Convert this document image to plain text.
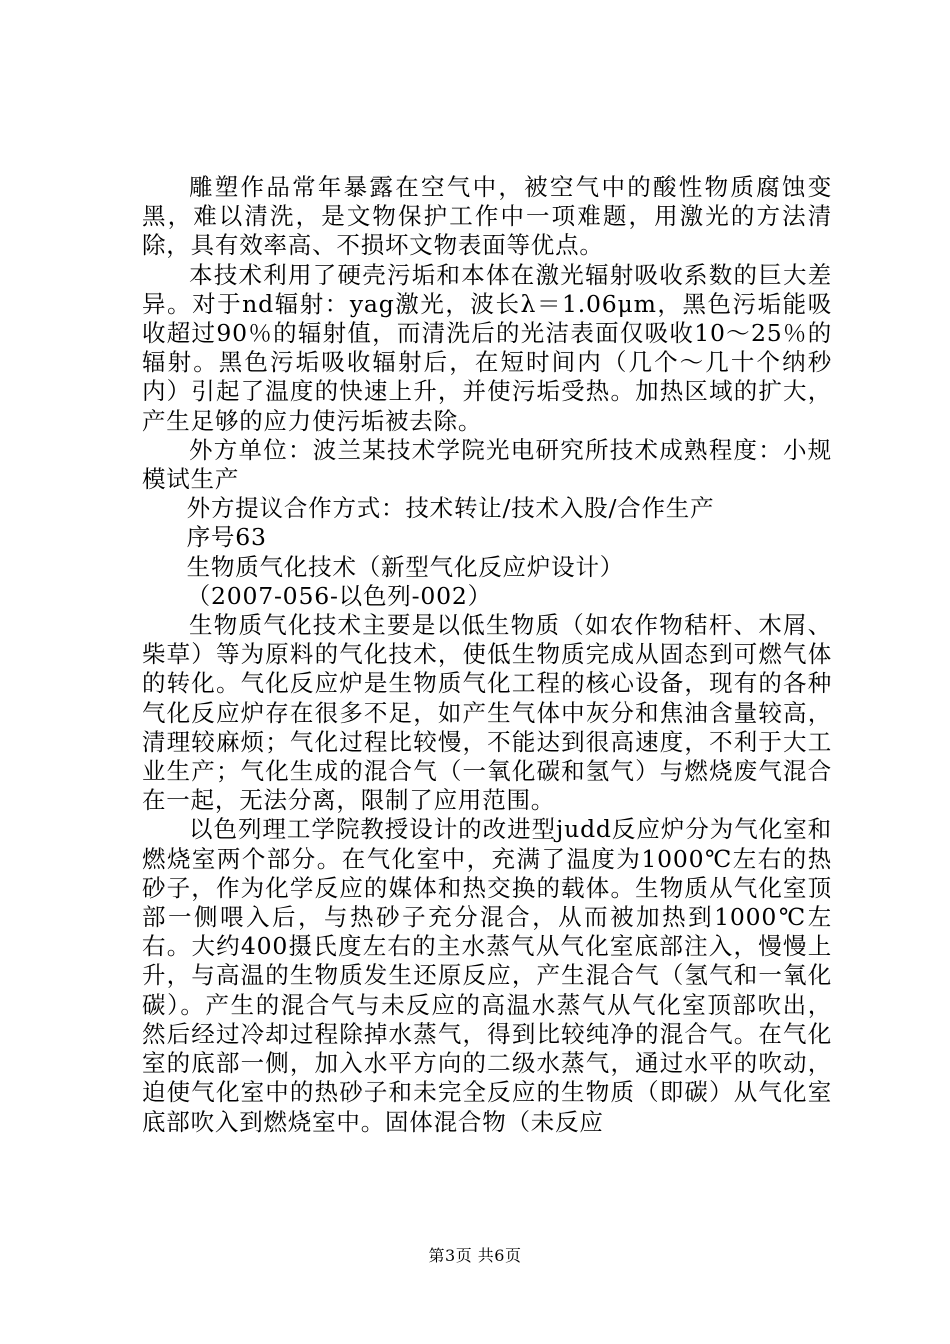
雕塑作品常年暴露在空气中，被空气中的酸性物质腐蚀变黑，难以清洗，是文物保护工作中一项难题，用激光的方法清除，具有效率高、不损坏文物表面等优点。

本技术利用了硬壳污垢和本体在激光辐射吸收系数的巨大差异。对于nd辐射：yag激光，波长λ＝1.06μm，黑色污垢能吸收超过90％的辐射值，而清洗后的光洁表面仅吸收10～25％的辐射。黑色污垢吸收辐射后，在短时间内（几个～几十个纳秒内）引起了温度的快速上升，并使污垢受热。加热区域的扩大，产生足够的应力使污垢被去除。

外方单位：波兰某技术学院光电研究所技术成熟程度：小规模试生产

外方提议合作方式：技术转让/技术入股/合作生产

序号63

生物质气化技术（新型气化反应炉设计）

（2007-056-以色列-002）

生物质气化技术主要是以低生物质（如农作物秸杆、木屑、柴草）等为原料的气化技术，使低生物质完成从固态到可燃气体的转化。气化反应炉是生物质气化工程的核心设备，现有的各种气化反应炉存在很多不足，如产生气体中灰分和焦油含量较高，清理较麻烦；气化过程比较慢，不能达到很高速度，不利于大工业生产；气化生成的混合气（一氧化碳和氢气）与燃烧废气混合在一起，无法分离，限制了应用范围。

以色列理工学院教授设计的改进型judd反应炉分为气化室和燃烧室两个部分。在气化室中，充满了温度为1000℃左右的热砂子，作为化学反应的媒体和热交换的载体。生物质从气化室顶部一侧喂入后，与热砂子充分混合，从而被加热到1000℃左右。大约400摄氏度左右的主水蒸气从气化室底部注入，慢慢上升，与高温的生物质发生还原反应，产生混合气（氢气和一氧化碳）。产生的混合气与未反应的高温水蒸气从气化室顶部吹出，然后经过冷却过程除掉水蒸气，得到比较纯净的混合气。在气化室的底部一侧，加入水平方向的二级水蒸气，通过水平的吹动，迫使气化室中的热砂子和未完全反应的生物质（即碳）从气化室底部吹入到燃烧室中。固体混合物（未反应

第3页 共6页
